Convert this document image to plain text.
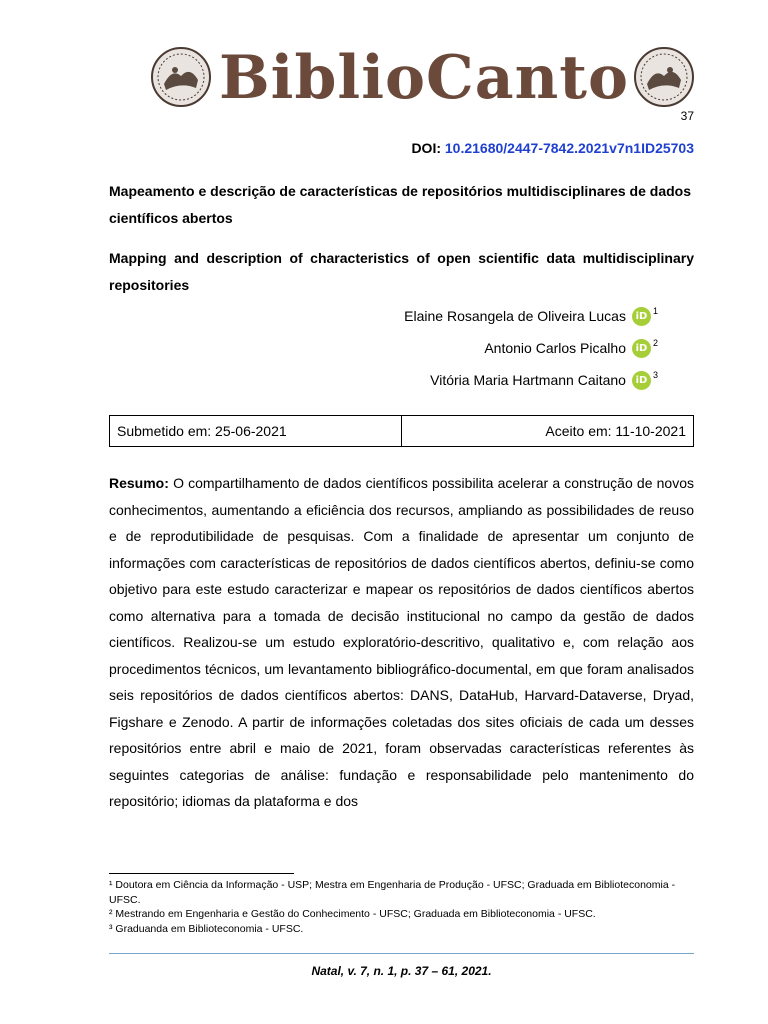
BiblioCanto
37
DOI: 10.21680/2447-7842.2021v7n1ID25703
Mapeamento e descrição de características de repositórios multidisciplinares de dados científicos abertos
Mapping and description of characteristics of open scientific data multidisciplinary repositories
Elaine Rosangela de Oliveira Lucas iD $^1$
Antonio Carlos Picalho iD $^2$
Vitória Maria Hartmann Caitano iD $^3$
Submetido em: 25-06-2021	Aceito em: 11-10-2021
Resumo: O compartilhamento de dados científicos possibilita acelerar a construção de novos conhecimentos, aumentando a eficiência dos recursos, ampliando as possibilidades de reuso e de reprodutibilidade de pesquisas. Com a finalidade de apresentar um conjunto de informações com características de repositórios de dados científicos abertos, definiu-se como objetivo para este estudo caracterizar e mapear os repositórios de dados científicos abertos como alternativa para a tomada de decisão institucional no campo da gestão de dados científicos. Realizou-se um estudo exploratório-descritivo, qualitativo e, com relação aos procedimentos técnicos, um levantamento bibliográfico-documental, em que foram analisados seis repositórios de dados científicos abertos: DANS, DataHub, Harvard-Dataverse, Dryad, Figshare e Zenodo. A partir de informações coletadas dos sites oficiais de cada um desses repositórios entre abril e maio de 2021, foram observadas características referentes às seguintes categorias de análise: fundação e responsabilidade pelo mantenimento do repositório; idiomas da plataforma e dos

¹ Doutora em Ciência da Informação - USP; Mestra em Engenharia de Produção - UFSC; Graduada em Biblioteconomia - UFSC.

² Mestrando em Engenharia e Gestão do Conhecimento - UFSC; Graduada em Biblioteconomia - UFSC.

³ Graduanda em Biblioteconomia - UFSC.

Natal, v. 7, n. 1, p. 37 – 61, 2021.
